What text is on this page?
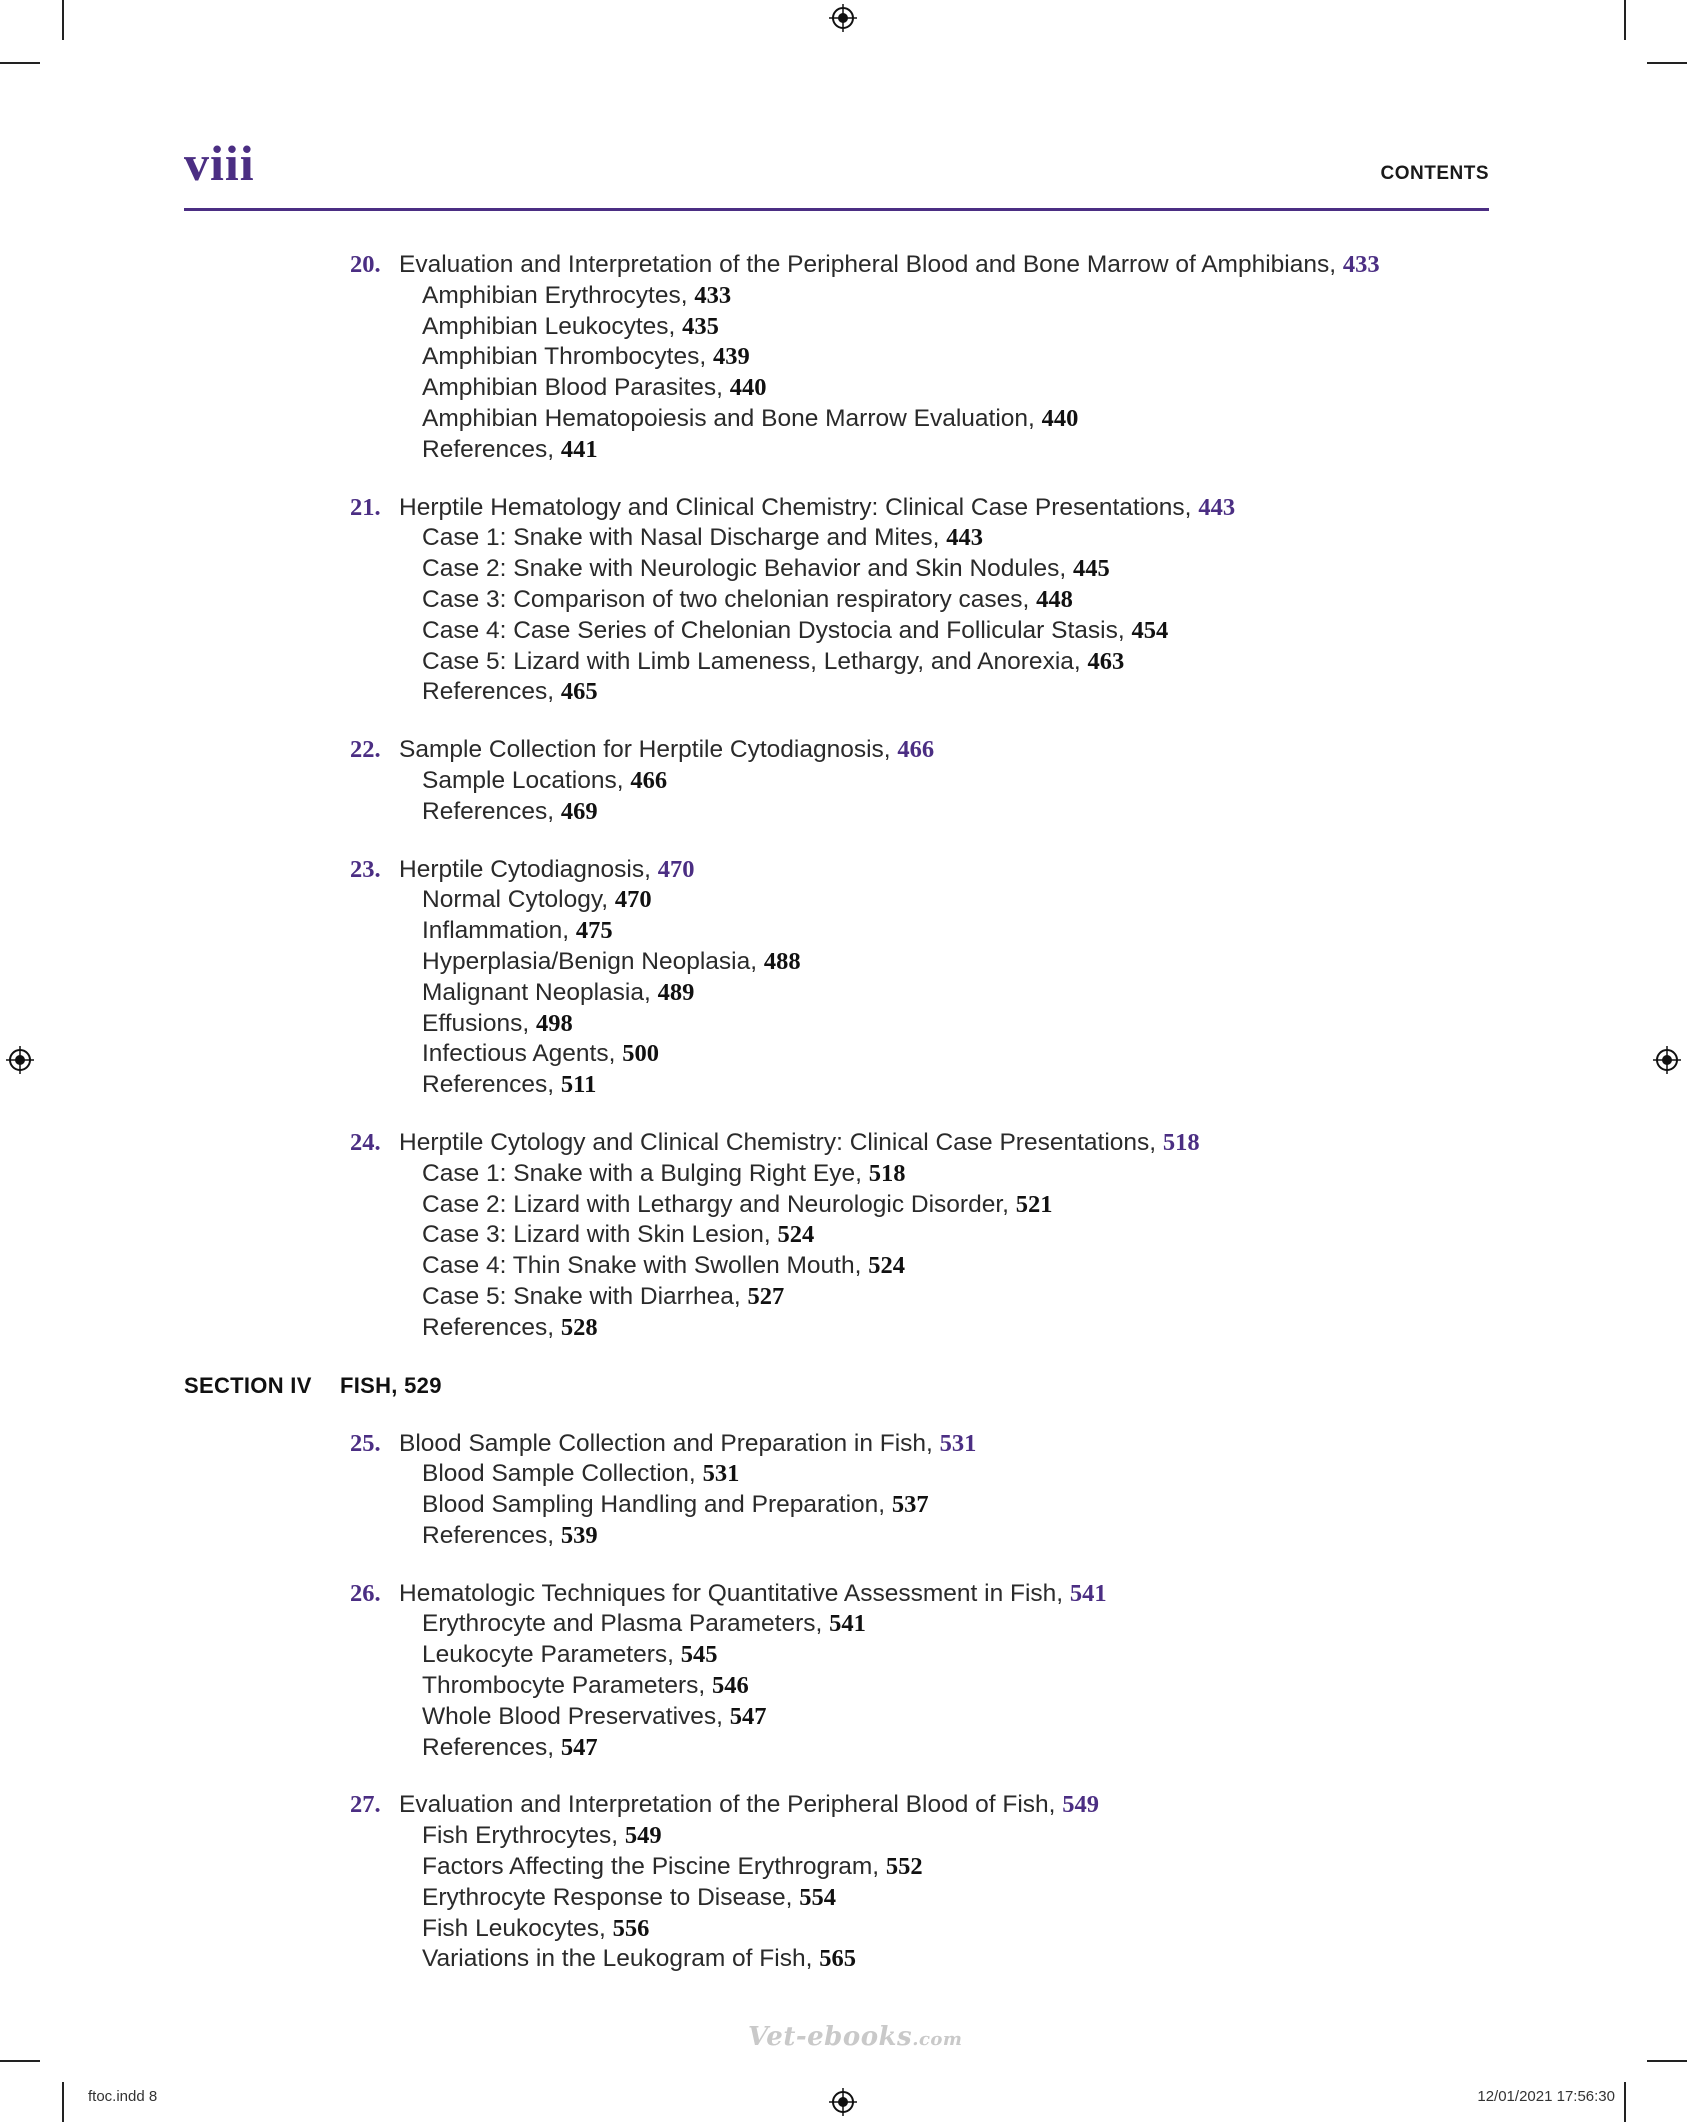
viii	CONTENTS
20. Evaluation and Interpretation of the Peripheral Blood and Bone Marrow of Amphibians, 433
Amphibian Erythrocytes, 433
Amphibian Leukocytes, 435
Amphibian Thrombocytes, 439
Amphibian Blood Parasites, 440
Amphibian Hematopoiesis and Bone Marrow Evaluation, 440
References, 441
21. Herptile Hematology and Clinical Chemistry: Clinical Case Presentations, 443
Case 1: Snake with Nasal Discharge and Mites, 443
Case 2: Snake with Neurologic Behavior and Skin Nodules, 445
Case 3: Comparison of two chelonian respiratory cases, 448
Case 4: Case Series of Chelonian Dystocia and Follicular Stasis, 454
Case 5: Lizard with Limb Lameness, Lethargy, and Anorexia, 463
References, 465
22. Sample Collection for Herptile Cytodiagnosis, 466
Sample Locations, 466
References, 469
23. Herptile Cytodiagnosis, 470
Normal Cytology, 470
Inflammation, 475
Hyperplasia/Benign Neoplasia, 488
Malignant Neoplasia, 489
Effusions, 498
Infectious Agents, 500
References, 511
24. Herptile Cytology and Clinical Chemistry: Clinical Case Presentations, 518
Case 1: Snake with a Bulging Right Eye, 518
Case 2: Lizard with Lethargy and Neurologic Disorder, 521
Case 3: Lizard with Skin Lesion, 524
Case 4: Thin Snake with Swollen Mouth, 524
Case 5: Snake with Diarrhea, 527
References, 528
SECTION IV FISH, 529
25. Blood Sample Collection and Preparation in Fish, 531
Blood Sample Collection, 531
Blood Sampling Handling and Preparation, 537
References, 539
26. Hematologic Techniques for Quantitative Assessment in Fish, 541
Erythrocyte and Plasma Parameters, 541
Leukocyte Parameters, 545
Thrombocyte Parameters, 546
Whole Blood Preservatives, 547
References, 547
27. Evaluation and Interpretation of the Peripheral Blood of Fish, 549
Fish Erythrocytes, 549
Factors Affecting the Piscine Erythrogram, 552
Erythrocyte Response to Disease, 554
Fish Leukocytes, 556
Variations in the Leukogram of Fish, 565
Vet-ebooks.com
ftoc.indd 8	12/01/2021 17:56:30
